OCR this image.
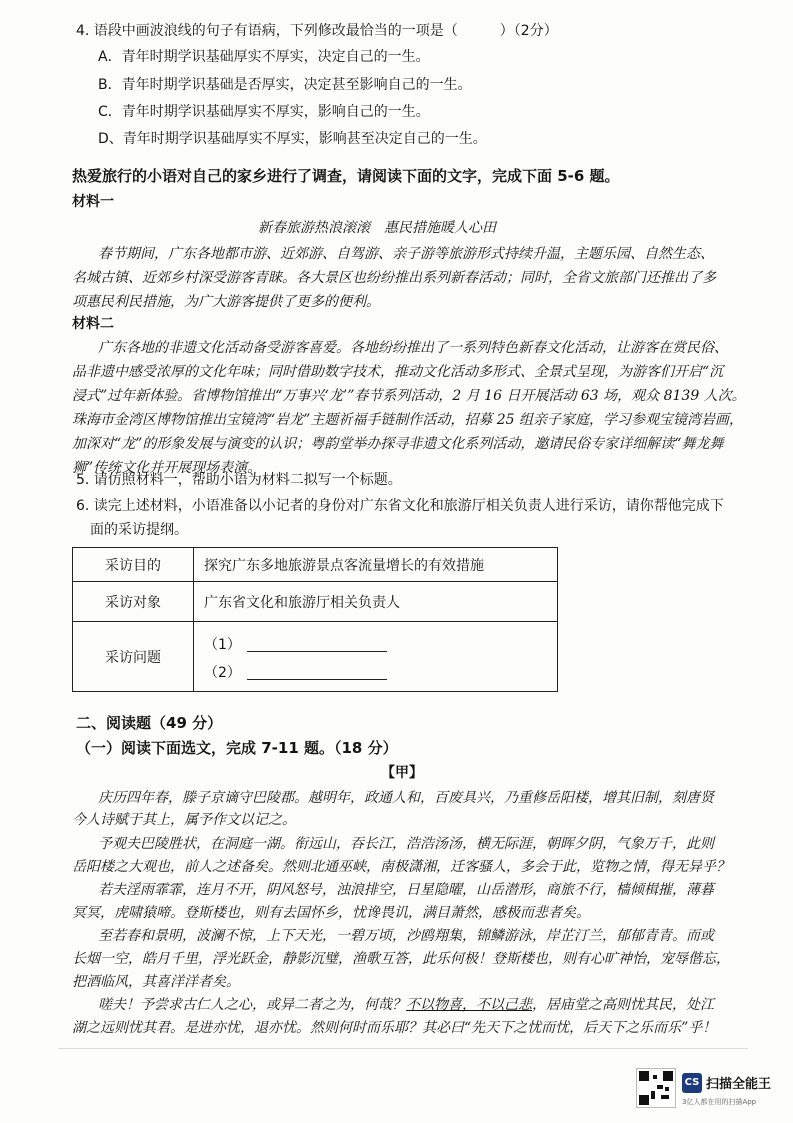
4. 语段中画波浪线的句子有语病，下列修改最恰当的一项是（　　　）（2分）
A．青年时期学识基础厚实不厚实，决定自己的一生。
B．青年时期学识基础是否厚实，决定甚至影响自己的一生。
C．青年时期学识基础厚实不厚实，影响自己的一生。
D、青年时期学识基础厚实不厚实，影响甚至决定自己的一生。
热爱旅行的小语对自己的家乡进行了调查，请阅读下面的文字，完成下面 5-6 题。
材料一
新春旅游热浪滚滚　惠民措施暖人心田
春节期间，广东各地都市游、近郊游、自驾游、亲子游等旅游形式持续升温，主题乐园、自然生态、
名城古镇、近郊乡村深受游客青睐。各大景区也纷纷推出系列新春活动；同时，全省文旅部门还推出了多
项惠民利民措施，为广大游客提供了更多的便利。
材料二
广东各地的非遗文化活动备受游客喜爱。各地纷纷推出了一系列特色新春文化活动，让游客在赏民俗、
品非遗中感受浓厚的文化年味；同时借助数字技术，推动文化活动多形式、全景式呈现，为游客们开启“沉
浸式”过年新体验。省博物馆推出“万事兴‘龙’”春节系列活动，2 月 16 日开展活动 63 场，观众 8139 人次。
珠海市金湾区博物馆推出宝镜湾“岩龙”主题祈福手链制作活动，招募 25 组亲子家庭，学习参观宝镜湾岩画，
加深对“龙”的形象发展与演变的认识；粤韵堂举办探寻非遗文化系列活动，邀请民俗专家详细解读“舞龙舞
狮”传统文化并开展现场表演。
5. 请仿照材料一，帮助小语为材料二拟写一个标题。
6. 读完上述材料，小语准备以小记者的身份对广东省文化和旅游厅相关负责人进行采访，请你帮他完成下
面的采访提纲。
采访目的	探究广东多地旅游景点客流量增长的有效措施
采访对象	广东省文化和旅游厅相关负责人
采访问题	（1）
（2）
二、阅读题（49 分）
（一）阅读下面选文，完成 7-11 题。（18 分）
【甲】
庆历四年春，滕子京谪守巴陵郡。越明年，政通人和，百废具兴，乃重修岳阳楼，增其旧制，刻唐贤
今人诗赋于其上，属予作文以记之。
予观夫巴陵胜状，在洞庭一湖。衔远山，吞长江，浩浩汤汤，横无际涯，朝晖夕阴，气象万千，此则
岳阳楼之大观也，前人之述备矣。然则北通巫峡，南极潇湘，迁客骚人，多会于此，览物之情，得无异乎？
若夫淫雨霏霏，连月不开，阴风怒号，浊浪排空，日星隐曜，山岳潜形，商旅不行，樯倾楫摧，薄暮
冥冥，虎啸猿啼。登斯楼也，则有去国怀乡，忧谗畏讥，满目萧然，感极而悲者矣。
至若春和景明，波澜不惊，上下天光，一碧万顷，沙鸥翔集，锦鳞游泳，岸芷汀兰，郁郁青青。而或
长烟一空，皓月千里，浮光跃金，静影沉璧，渔歌互答，此乐何极！登斯楼也，则有心旷神怡，宠辱偕忘，
把酒临风，其喜洋洋者矣。
嗟夫！予尝求古仁人之心，或异二者之为，何哉？不以物喜，不以己悲，居庙堂之高则忧其民，处江
湖之远则忧其君。是进亦忧，退亦忧。然则何时而乐耶？其必曰“先天下之忧而忧，后天下之乐而乐”乎！
CS 扫描全能王
3亿人都在用的扫描App
